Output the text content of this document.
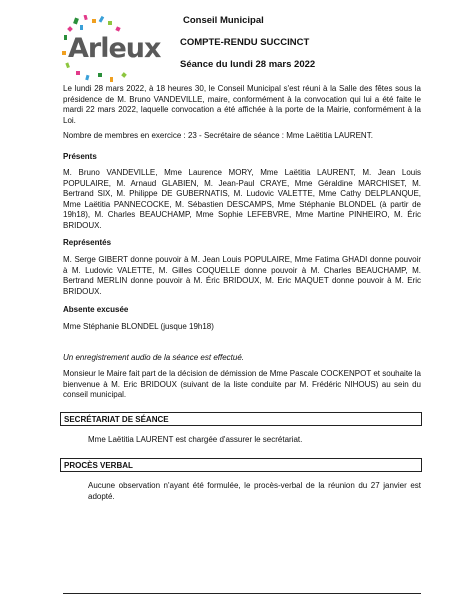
Arleux
Conseil Municipal
COMPTE-RENDU SUCCINCT
Séance du lundi 28 mars 2022

Le lundi 28 mars 2022, à 18 heures 30, le Conseil Municipal s'est réuni à la Salle des fêtes sous la présidence de M. Bruno VANDEVILLE, maire, conformément à la convocation qui lui a été faite le mardi 22 mars 2022, laquelle convocation a été affichée à la porte de la Mairie, conformément à la Loi.

Nombre de membres en exercice : 23 - Secrétaire de séance : Mme Laëtitia LAURENT.

Présents

M. Bruno VANDEVILLE, Mme Laurence MORY, Mme Laëtitia LAURENT, M. Jean Louis POPULAIRE, M. Arnaud GLABIEN, M. Jean-Paul CRAYE, Mme Géraldine MARCHISET, M. Bertrand SIX, M. Philippe DE GUBERNATIS, M. Ludovic VALETTE, Mme Cathy DELPLANQUE, Mme Laëtitia PANNECOCKE, M. Sébastien DESCAMPS, Mme Stéphanie BLONDEL (à partir de 19h18), M. Charles BEAUCHAMP, Mme Sophie LEFEBVRE, Mme Martine PINHEIRO, M. Éric BRIDOUX.

Représentés

M. Serge GIBERT donne pouvoir à M. Jean Louis POPULAIRE, Mme Fatima GHADI donne pouvoir à M. Ludovic VALETTE, M. Gilles COQUELLE donne pouvoir à M. Charles BEAUCHAMP, M. Bertrand MERLIN donne pouvoir à M. Éric BRIDOUX, M. Eric MAQUET donne pouvoir à M. Eric BRIDOUX.

Absente excusée

Mme Stéphanie BLONDEL (jusque 19h18)

Un enregistrement audio de la séance est effectué.

Monsieur le Maire fait part de la décision de démission de Mme Pascale COCKENPOT et souhaite la bienvenue à M. Eric BRIDOUX (suivant de la liste conduite par M. Frédéric NIHOUS) au sein du conseil municipal.

SECRÉTARIAT DE SÉANCE

Mme Laëtitia LAURENT est chargée d'assurer le secrétariat.

PROCÈS VERBAL

Aucune observation n'ayant été formulée, le procès-verbal de la réunion du 27 janvier est adopté.
